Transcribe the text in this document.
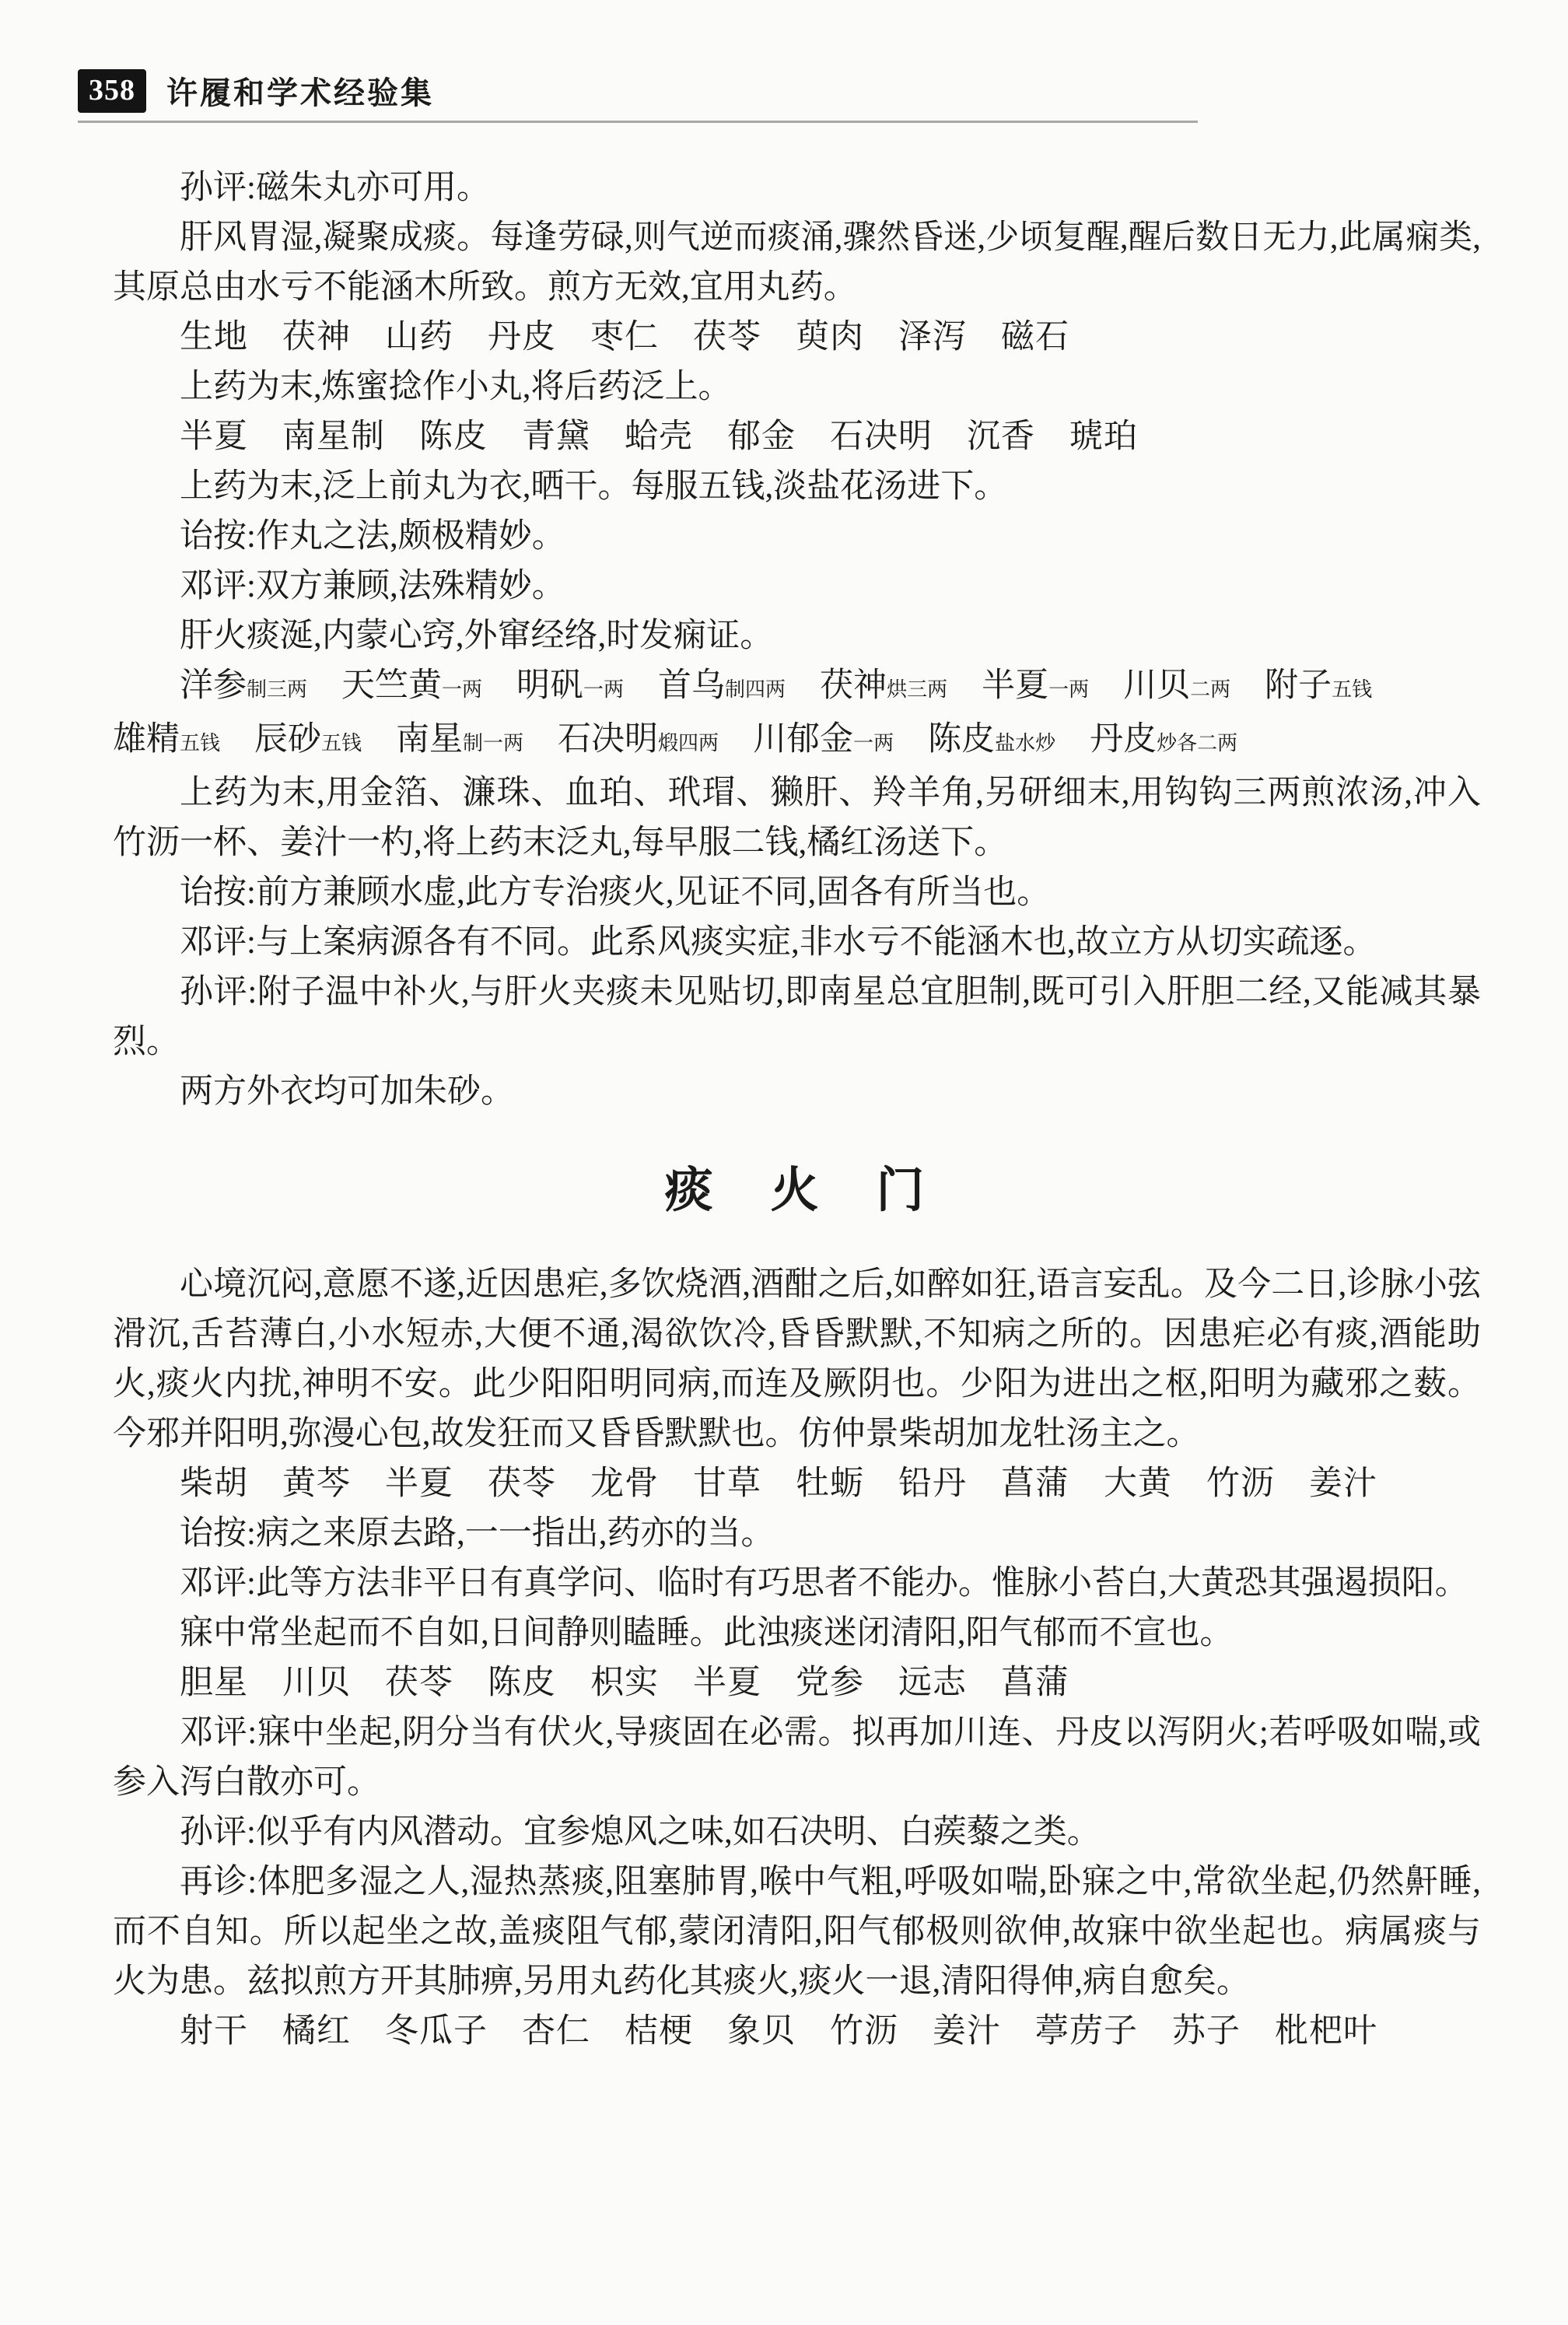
358	许履和学术经验集

孙评:磁朱丸亦可用。

肝风胃湿,凝聚成痰。每逢劳碌,则气逆而痰涌,骤然昏迷,少顷复醒,醒后数日无力,此属痫类,其原总由水亏不能涵木所致。煎方无效,宜用丸药。

生地　茯神　山药　丹皮　枣仁　茯苓　萸肉　泽泻　磁石

上药为末,炼蜜捻作小丸,将后药泛上。

半夏　南星制　陈皮　青黛　蛤壳　郁金　石决明　沉香　琥珀

上药为末,泛上前丸为衣,晒干。每服五钱,淡盐花汤进下。

诒按:作丸之法,颇极精妙。

邓评:双方兼顾,法殊精妙。

肝火痰涎,内蒙心窍,外窜经络,时发痫证。

洋参制三两 天竺黄一两 明矾一两 首乌制四两 茯神烘三两 半夏一两 川贝二两 附子五钱雄精五钱 辰砂五钱 南星制一两 石决明煅四两 川郁金一两 陈皮盐水炒 丹皮炒各二两

上药为末,用金箔、濂珠、血珀、玳瑁、獭肝、羚羊角,另研细末,用钩钩三两煎浓汤,冲入竹沥一杯、姜汁一杓,将上药末泛丸,每早服二钱,橘红汤送下。

诒按:前方兼顾水虚,此方专治痰火,见证不同,固各有所当也。

邓评:与上案病源各有不同。此系风痰实症,非水亏不能涵木也,故立方从切实疏逐。

孙评:附子温中补火,与肝火夹痰未见贴切,即南星总宜胆制,既可引入肝胆二经,又能减其暴烈。

两方外衣均可加朱砂。

痰　火　门

心境沉闷,意愿不遂,近因患疟,多饮烧酒,酒酣之后,如醉如狂,语言妄乱。及今二日,诊脉小弦滑沉,舌苔薄白,小水短赤,大便不通,渴欲饮冷,昏昏默默,不知病之所的。因患疟必有痰,酒能助火,痰火内扰,神明不安。此少阳阳明同病,而连及厥阴也。少阳为进出之枢,阳明为藏邪之薮。今邪并阳明,弥漫心包,故发狂而又昏昏默默也。仿仲景柴胡加龙牡汤主之。

柴胡　黄芩　半夏　茯苓　龙骨　甘草　牡蛎　铅丹　菖蒲　大黄　竹沥　姜汁

诒按:病之来原去路,一一指出,药亦的当。

邓评:此等方法非平日有真学问、临时有巧思者不能办。惟脉小苔白,大黄恐其强遏损阳。

寐中常坐起而不自如,日间静则瞌睡。此浊痰迷闭清阳,阳气郁而不宣也。

胆星　川贝　茯苓　陈皮　枳实　半夏　党参　远志　菖蒲

邓评:寐中坐起,阴分当有伏火,导痰固在必需。拟再加川连、丹皮以泻阴火;若呼吸如喘,或参入泻白散亦可。

孙评:似乎有内风潜动。宜参熄风之味,如石决明、白蒺藜之类。

再诊:体肥多湿之人,湿热蒸痰,阻塞肺胃,喉中气粗,呼吸如喘,卧寐之中,常欲坐起,仍然鼾睡,而不自知。所以起坐之故,盖痰阻气郁,蒙闭清阳,阳气郁极则欲伸,故寐中欲坐起也。病属痰与火为患。兹拟煎方开其肺痹,另用丸药化其痰火,痰火一退,清阳得伸,病自愈矣。

射干　橘红　冬瓜子　杏仁　桔梗　象贝　竹沥　姜汁　葶苈子　苏子　枇杷叶
